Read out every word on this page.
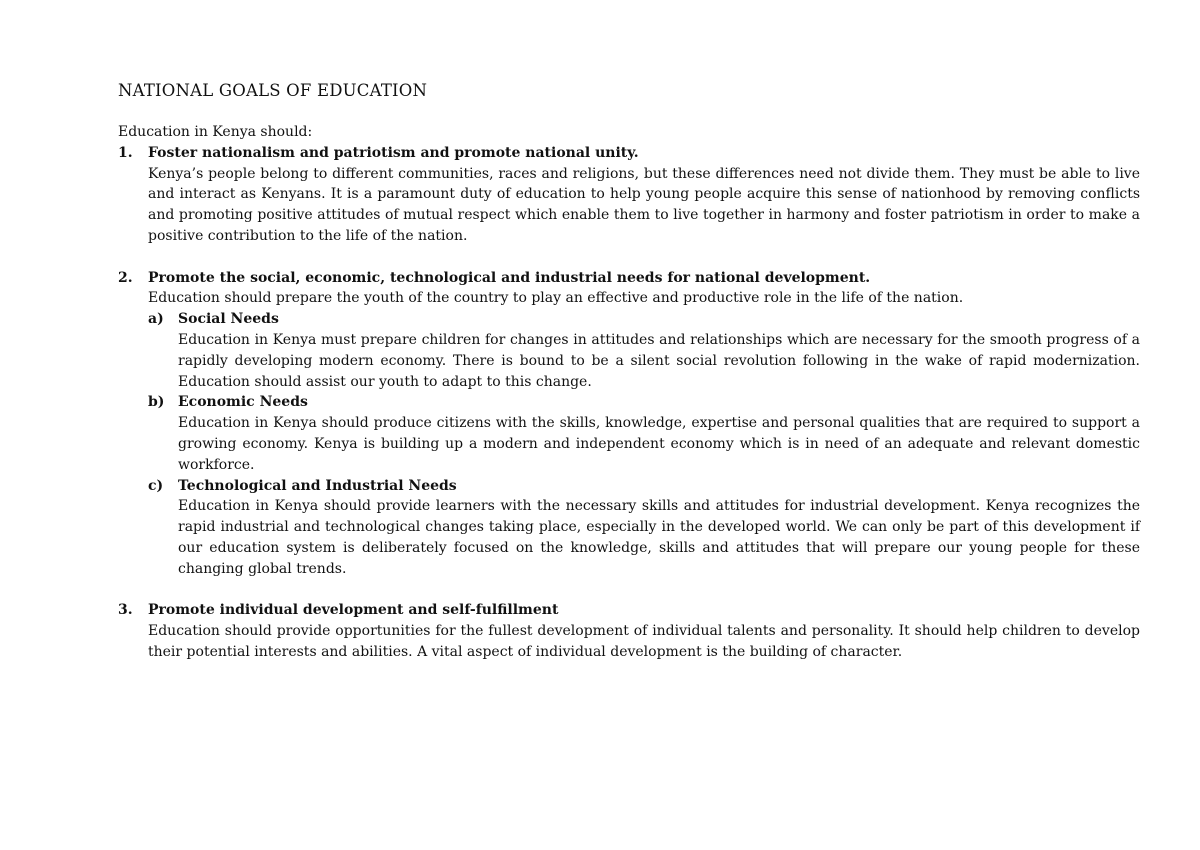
NATIONAL GOALS OF EDUCATION

Education in Kenya should:

1.	Foster nationalism and patriotism and promote national unity.

Kenya’s people belong to different communities, races and religions, but these differences need not divide them. They must be able to live and interact as Kenyans. It is a paramount duty of education to help young people acquire this sense of nationhood by removing conflicts and promoting positive attitudes of mutual respect which enable them to live together in harmony and foster patriotism in order to make a positive contribution to the life of the nation.

2.	Promote the social, economic, technological and industrial needs for national development.

Education should prepare the youth of the country to play an effective and productive role in the life of the nation.

a)	Social Needs

Education in Kenya must prepare children for changes in attitudes and relationships which are necessary for the smooth progress of a rapidly developing modern economy. There is bound to be a silent social revolution following in the wake of rapid modernization. Education should assist our youth to adapt to this change.

b) Economic Needs

Education in Kenya should produce citizens with the skills, knowledge, expertise and personal qualities that are required to support a growing economy. Kenya is building up a modern and independent economy which is in need of an adequate and relevant domestic workforce.

c)	Technological and Industrial Needs

Education in Kenya should provide learners with the necessary skills and attitudes for industrial development. Kenya recognizes the rapid industrial and technological changes taking place, especially in the developed world. We can only be part of this development if our education system is deliberately focused on the knowledge, skills and attitudes that will prepare our young people for these changing global trends.

3.	Promote individual development and self-fulfillment

Education should provide opportunities for the fullest development of individual talents and personality. It should help children to develop their potential interests and abilities. A vital aspect of individual development is the building of character.
